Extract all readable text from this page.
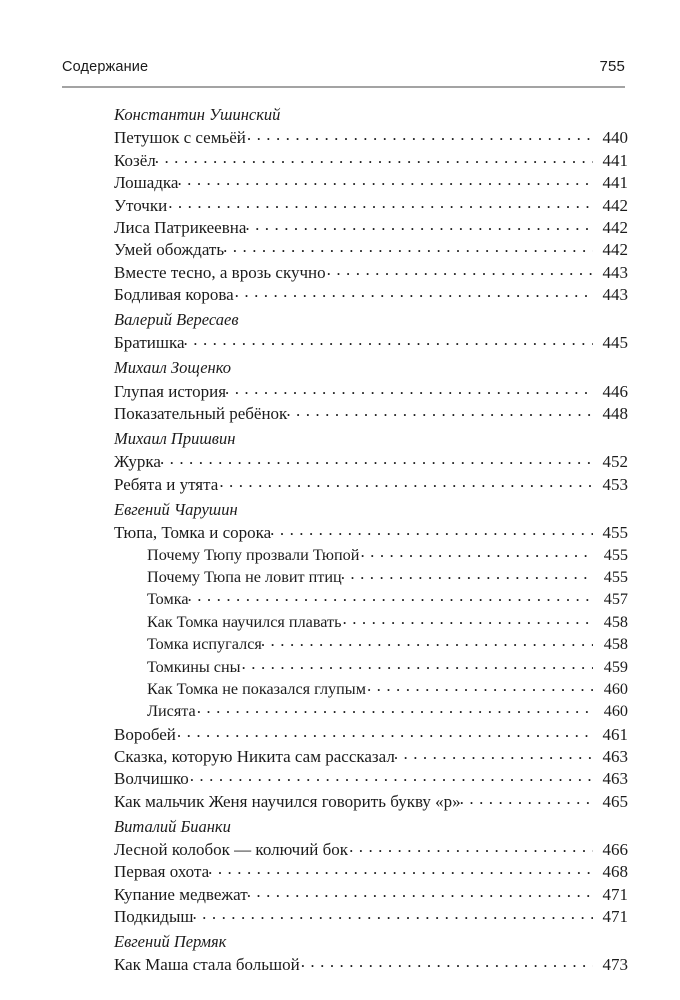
Содержание	755
Константин Ушинский
Петушок с семьёй . . .	440
Козёл . . .	441
Лошадка . . .	441
Уточки . . .	442
Лиса Патрикеевна . . .	442
Умей обождать . . .	442
Вместе тесно, а врозь скучно . . .	443
Бодливая корова . . .	443
Валерий Вересаев
Братишка . . .	445
Михаил Зощенко
Глупая история . . .	446
Показательный ребёнок . . .	448
Михаил Пришвин
Журка . . .	452
Ребята и утята . . .	453
Евгений Чарушин
Тюпа, Томка и сорока . . .	455
Почему Тюпу прозвали Тюпой . . .	455
Почему Тюпа не ловит птиц . . .	455
Томка . . .	457
Как Томка научился плавать . . .	458
Томка испугался . . .	458
Томкины сны . . .	459
Как Томка не показался глупым . . .	460
Лисята . . .	460
Воробей . . .	461
Сказка, которую Никита сам рассказал . . .	463
Волчишко . . .	463
Как мальчик Женя научился говорить букву «р» . . .	465
Виталий Бианки
Лесной колобок — колючий бок . . .	466
Первая охота . . .	468
Купание медвежат . . .	471
Подкидыш . . .	471
Евгений Пермяк
Как Маша стала большой . . .	473
